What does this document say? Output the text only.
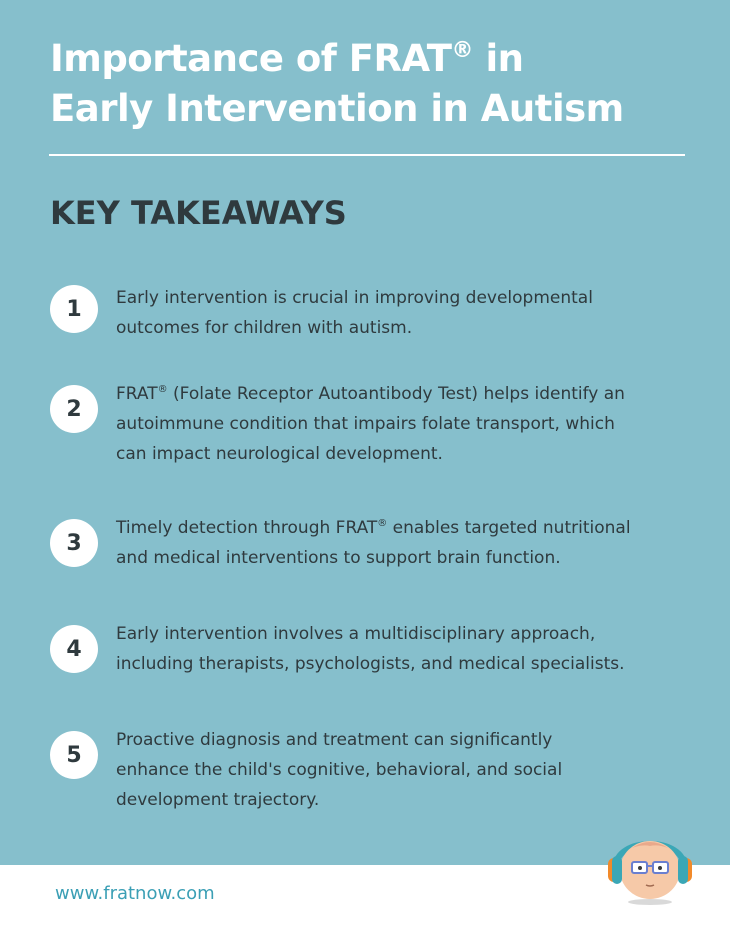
Importance of FRAT® in
Early Intervention in Autism
KEY TAKEAWAYS
1	Early intervention is crucial in improving developmental
outcomes for children with autism.
2
FRAT® (Folate Receptor Autoantibody Test) helps identify an
autoimmune condition that impairs folate transport, which
can impact neurological development.
3
Timely detection through FRAT® enables targeted nutritional
and medical interventions to support brain function.
4
Early intervention involves a multidisciplinary approach,
including therapists, psychologists, and medical specialists.
5
Proactive diagnosis and treatment can significantly
enhance the child's cognitive, behavioral, and social
development trajectory.
www.fratnow.com
